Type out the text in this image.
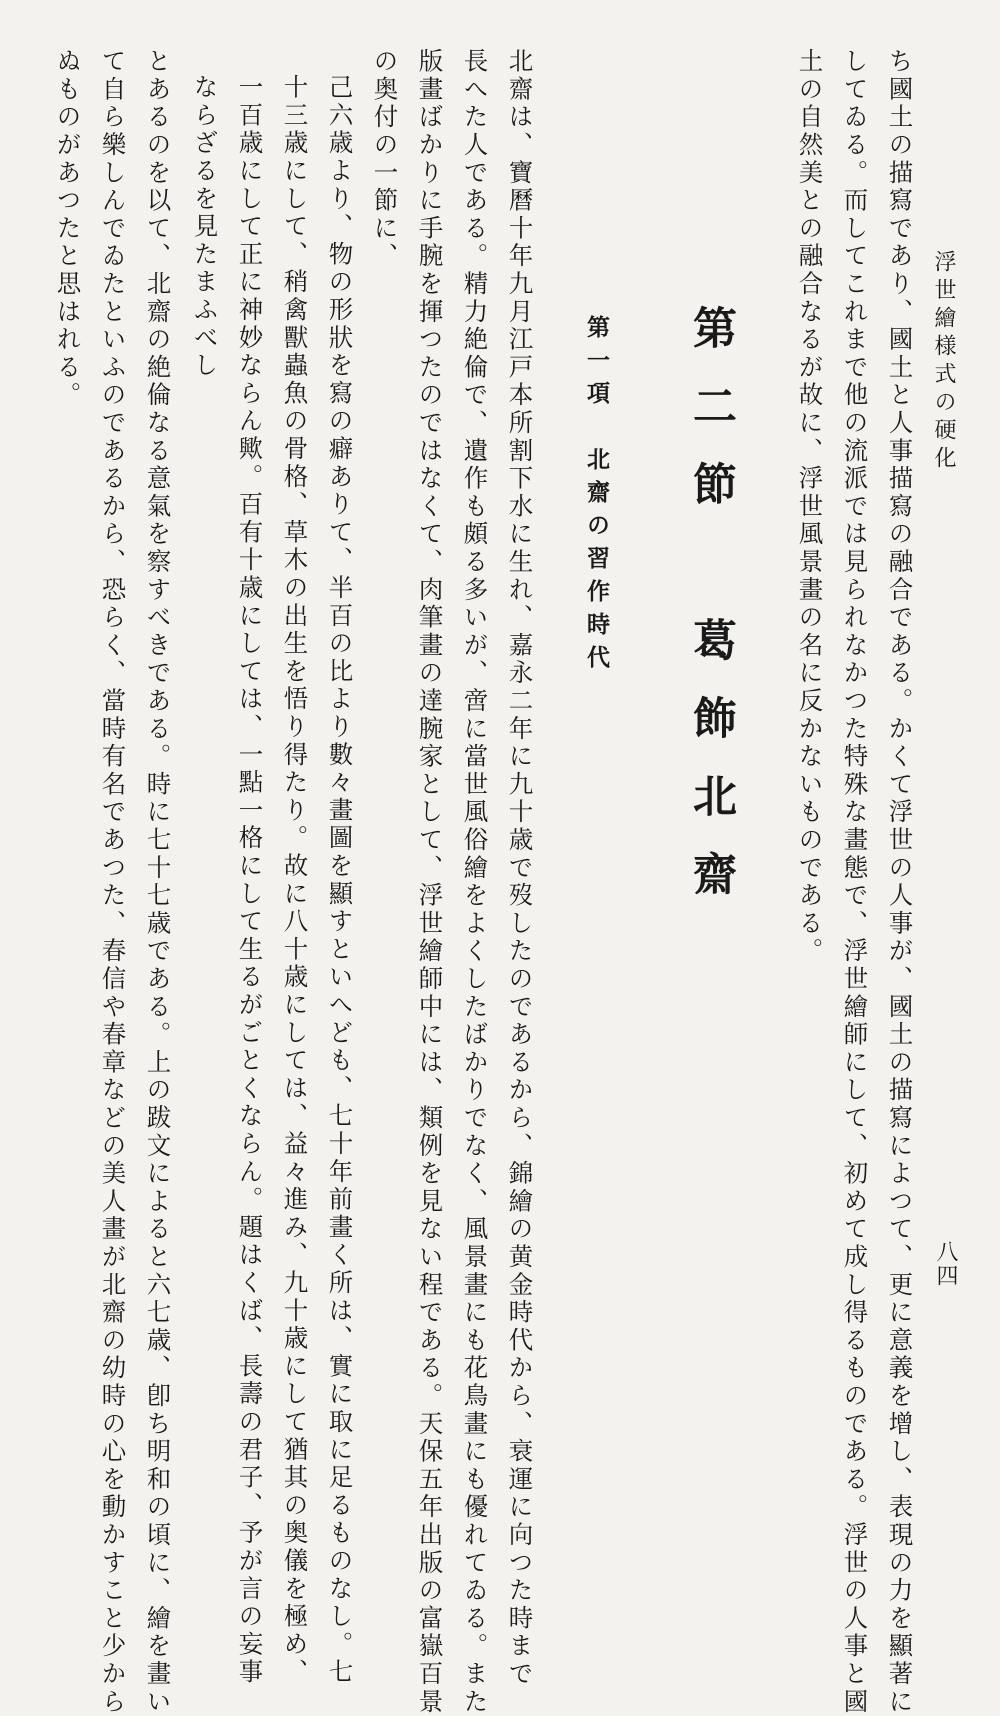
浮世繪様式の硬化
八四
ち國土の描寫であり、國土と人事描寫の融合である。かくて浮世の人事が、國土の描寫によつて、更に意義を增し、表現の力を顯著に
してゐる。而してこれまで他の流派では見られなかつた特殊な畫態で、浮世繪師にして、初めて成し得るものである。浮世の人事と國
土の自然美との融合なるが故に、浮世風景畫の名に反かないものである。
第二節　葛飾北齋
第一項　北齋の習作時代
北齋は、寶曆十年九月江戸本所割下水に生れ、嘉永二年に九十歳で歿したのであるから、錦繪の黄金時代から、衰運に向つた時まで
長へた人である。精力絶倫で、遺作も頗る多いが、啻に當世風俗繪をよくしたばかりでなく、風景畫にも花鳥畫にも優れてゐる。また
版畫ばかりに手腕を揮つたのではなくて、肉筆畫の達腕家として、浮世繪師中には、類例を見ない程である。天保五年出版の富嶽百景
の奥付の一節に、
己六歳より、物の形狀を寫の癖ありて、半百の比より數々畫圖を顯すといへども、七十年前畫く所は、實に取に足るものなし。七
十三歳にして、稍禽獸蟲魚の骨格、草木の出生を悟り得たり。故に八十歳にしては、益々進み、九十歳にして猶其の奥儀を極め、
一百歳にして正に神妙ならん歟。百有十歳にしては、一點一格にして生るがごとくならん。題はくば、長壽の君子、予が言の妄事
ならざるを見たまふべし
とあるのを以て、北齋の絶倫なる意氣を察すべきである。時に七十七歳である。上の跋文によると六七歳、卽ち明和の頃に、繪を畫い
て自ら樂しんでゐたといふのであるから、恐らく、當時有名であつた、春信や春章などの美人畫が北齋の幼時の心を動かすこと少から
ぬものがあつたと思はれる。
